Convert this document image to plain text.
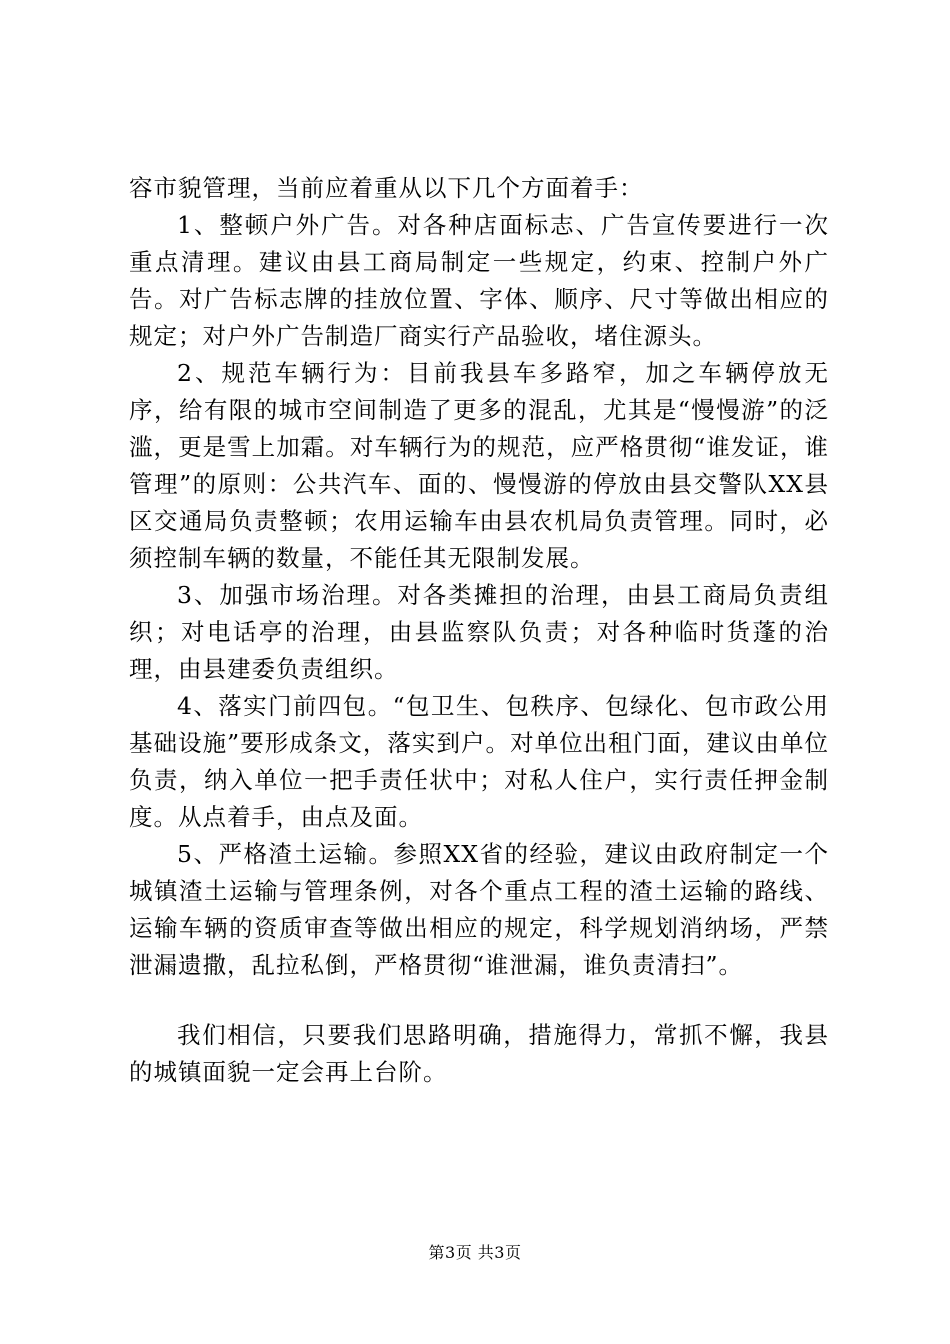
容市貌管理，当前应着重从以下几个方面着手：

1、整顿户外广告。对各种店面标志、广告宣传要进行一次重点清理。建议由县工商局制定一些规定，约束、控制户外广告。对广告标志牌的挂放位置、字体、顺序、尺寸等做出相应的规定；对户外广告制造厂商实行产品验收，堵住源头。

2、规范车辆行为：目前我县车多路窄，加之车辆停放无序，给有限的城市空间制造了更多的混乱，尤其是“慢慢游”的泛滥，更是雪上加霜。对车辆行为的规范，应严格贯彻“谁发证，谁管理”的原则：公共汽车、面的、慢慢游的停放由县交警队XX县区交通局负责整顿；农用运输车由县农机局负责管理。同时，必须控制车辆的数量，不能任其无限制发展。

3、加强市场治理。对各类摊担的治理，由县工商局负责组织；对电话亭的治理，由县监察队负责；对各种临时货蓬的治理，由县建委负责组织。

4、落实门前四包。“包卫生、包秩序、包绿化、包市政公用基础设施”要形成条文，落实到户。对单位出租门面，建议由单位负责，纳入单位一把手责任状中；对私人住户，实行责任押金制度。从点着手，由点及面。

5、严格渣土运输。参照XX省的经验，建议由政府制定一个城镇渣土运输与管理条例，对各个重点工程的渣土运输的路线、运输车辆的资质审查等做出相应的规定，科学规划消纳场，严禁泄漏遗撒，乱拉私倒，严格贯彻“谁泄漏，谁负责清扫”。

我们相信，只要我们思路明确，措施得力，常抓不懈，我县的城镇面貌一定会再上台阶。

第3页 共3页
